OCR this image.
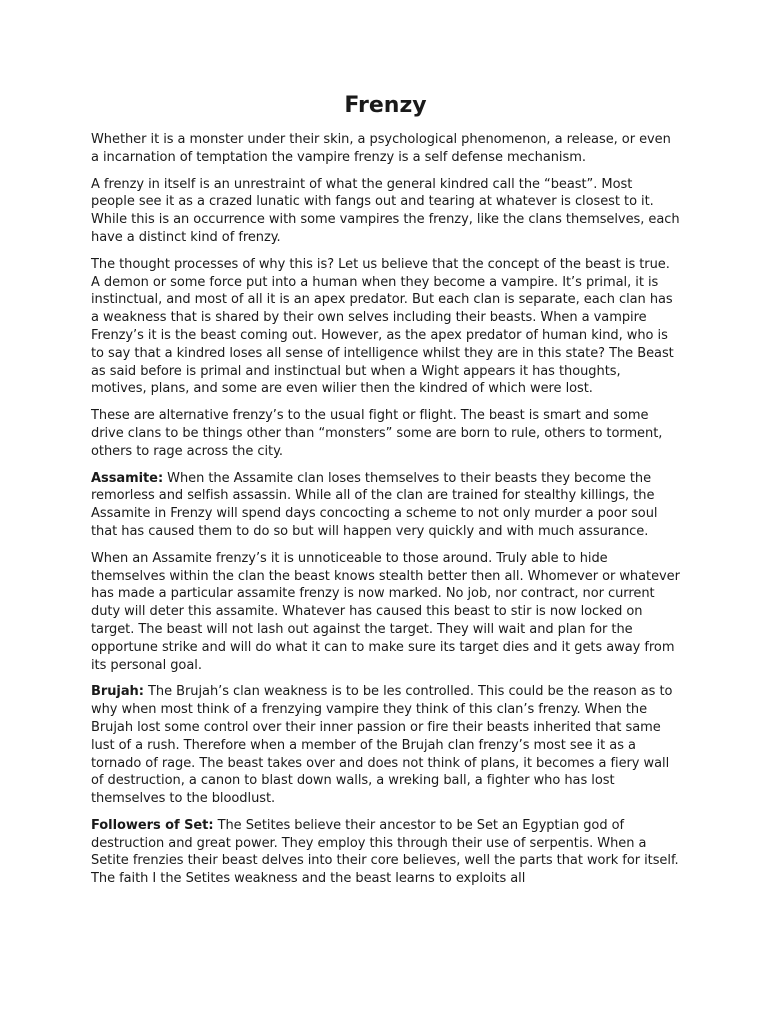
Frenzy

Whether it is a monster under their skin, a psychological phenomenon, a release, or even a incarnation of temptation the vampire frenzy is a self defense mechanism.

A frenzy in itself is an unrestraint of what the general kindred call the “beast”. Most people see it as a crazed lunatic with fangs out and tearing at whatever is closest to it. While this is an occurrence with some vampires the frenzy, like the clans themselves, each have a distinct kind of frenzy.

The thought processes of why this is? Let us believe that the concept of the beast is true. A demon or some force put into a human when they become a vampire. It’s primal, it is instinctual, and most of all it is an apex predator. But each clan is separate, each clan has a weakness that is shared by their own selves including their beasts. When a vampire Frenzy’s it is the beast coming out. However, as the apex predator of human kind, who is to say that a kindred loses all sense of intelligence whilst they are in this state? The Beast as said before is primal and instinctual but when a Wight appears it has thoughts, motives, plans, and some are even wilier then the kindred of which were lost.

These are alternative frenzy’s to the usual fight or flight. The beast is smart and some drive clans to be things other than “monsters” some are born to rule, others to torment, others to rage across the city.

Assamite: When the Assamite clan loses themselves to their beasts they become the remorless and selfish assassin. While all of the clan are trained for stealthy killings, the Assamite in Frenzy will spend days concocting a scheme to not only murder a poor soul that has caused them to do so but will happen very quickly and with much assurance.

When an Assamite frenzy’s it is unnoticeable to those around. Truly able to hide themselves within the clan the beast knows stealth better then all. Whomever or whatever has made a particular assamite frenzy is now marked. No job, nor contract, nor current duty will deter this assamite. Whatever has caused this beast to stir is now locked on target. The beast will not lash out against the target. They will wait and plan for the opportune strike and will do what it can to make sure its target dies and it gets away from its personal goal.

Brujah: The Brujah’s clan weakness is to be les controlled. This could be the reason as to why when most think of a frenzying vampire they think of this clan’s frenzy. When the Brujah lost some control over their inner passion or fire their beasts inherited that same lust of a rush. Therefore when a member of the Brujah clan frenzy’s most see it as a tornado of rage. The beast takes over and does not think of plans, it becomes a fiery wall of destruction, a canon to blast down walls, a wreking ball, a fighter who has lost themselves to the bloodlust.

Followers of Set: The Setites believe their ancestor to be Set an Egyptian god of destruction and great power. They employ this through their use of serpentis. When a Setite frenzies their beast delves into their core believes, well the parts that work for itself. The faith I the Setites weakness and the beast learns to exploits all
